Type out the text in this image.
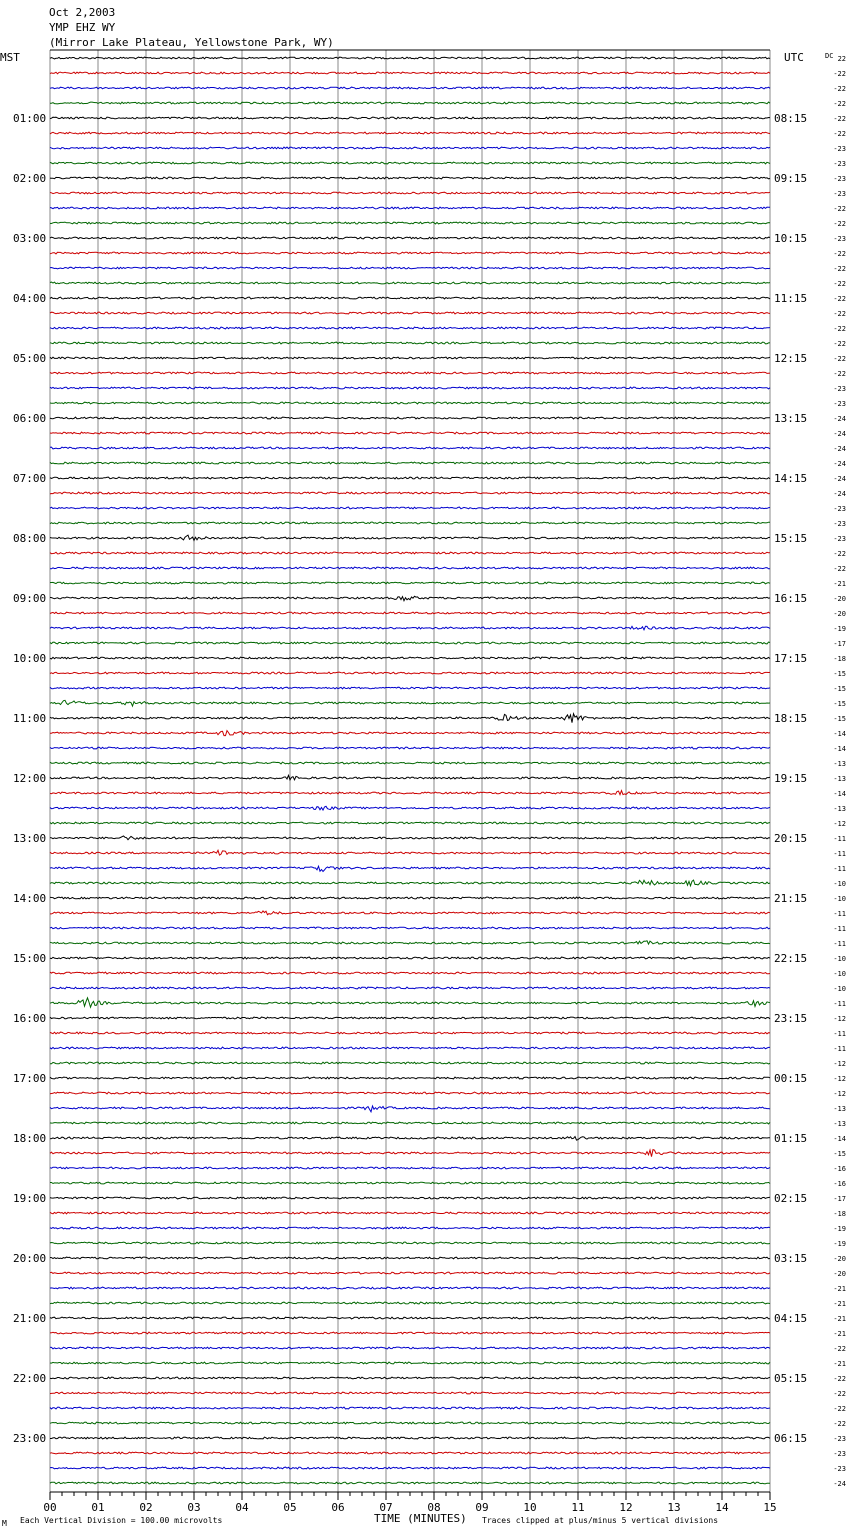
Oct 2,2003
YMP EHZ WY
(Mirror Lake Plateau, Yellowstone Park, WY)
MST	UTC	DC
01:00
02:00
03:00
04:00
05:00
06:00
07:00
08:00
09:00
10:00
11:00
12:00
13:00
14:00
15:00
16:00
17:00
18:00
19:00
20:00
21:00
22:00
23:00
08:15
09:15
10:15
11:15
12:15
13:15
14:15
15:15
16:15
17:15
18:15
19:15
20:15
21:15
22:15
23:15
00:15
01:15
02:15
03:15
04:15
05:15
06:15
22
-22
-22
-22
-22
-22
-23
-23
-23
-23
-22
-22
-23
-22
-22
-22
-22
-22
-22
-22
-22
-22
-23
-23
-24
-24
-24
-24
-24
-24
-23
-23
-23
-22
-22
-21
-20
-20
-19
-17
-18
-15
-15
-15
-15
-14
-14
-13
-13
-14
-13
-12
-11
-11
-11
-10
-10
-11
-11
-11
-10
-10
-10
-11
-12
-11
-11
-12
-12
-12
-13
-13
-14
-15
-16
-16
-17
-18
-19
-19
-20
-20
-21
-21
-21
-21
-22
-21
-22
-22
-22
-22
-23
-23
-23
-24
00	01	02	03	04	05	06	07	08	09	10	11	12	13	14	15
TIME (MINUTES)
Each Vertical Division = 100.00 microvolts	Traces clipped at plus/minus 5 vertical divisions
M
